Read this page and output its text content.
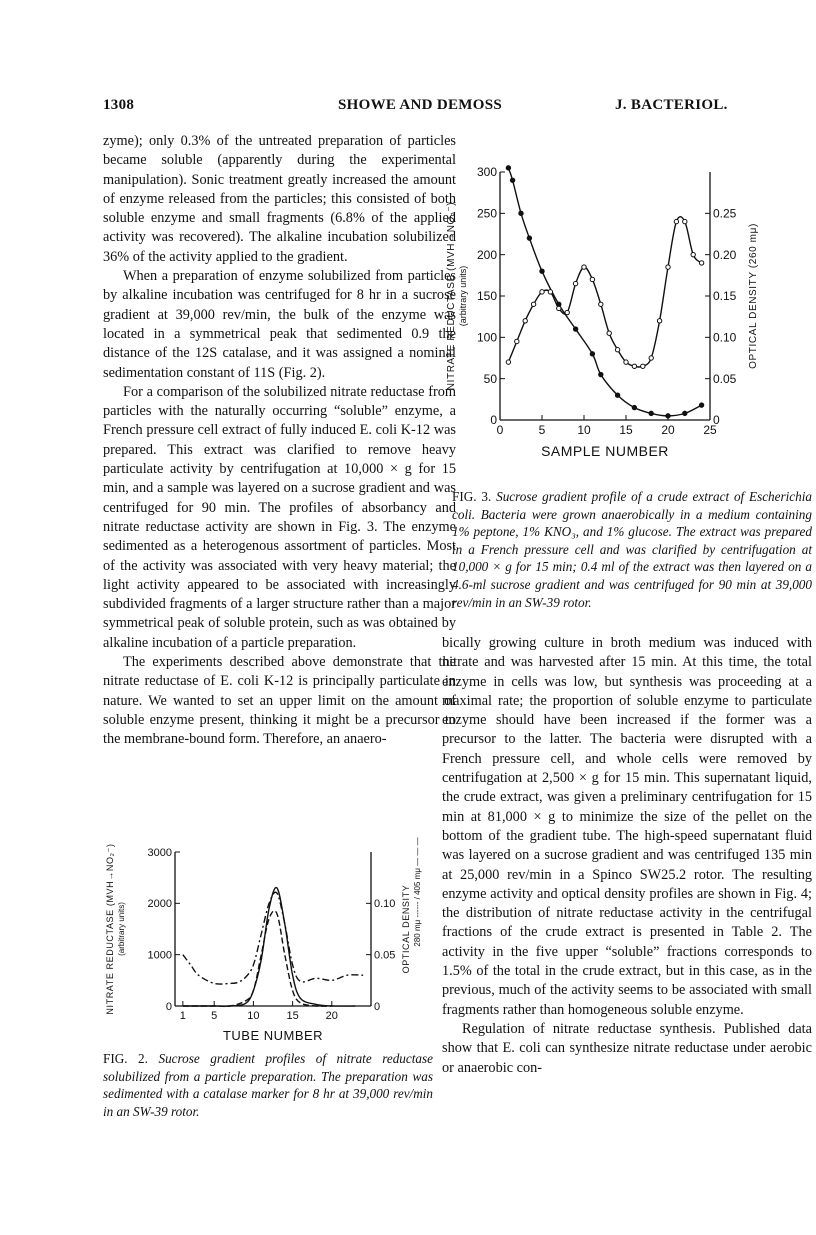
1308	SHOWE AND DEMOSS	J. BACTERIOL.

zyme); only 0.3% of the untreated preparation of particles became soluble (apparently during the experimental manipulation). Sonic treatment greatly increased the amount of enzyme released from the particles; this consisted of both soluble enzyme and small fragments (6.8% of the applied activity was recovered). The alkaline incubation solubilized 36% of the activity applied to the gradient.

When a preparation of enzyme solubilized from particles by alkaline incubation was centrifuged for 8 hr in a sucrose gradient at 39,000 rev/min, the bulk of the enzyme was located in a symmetrical peak that sedimented 0.9 the distance of the 12S catalase, and it was assigned a nominal sedimentation constant of 11S (Fig. 2).

For a comparison of the solubilized nitrate reductase from particles with the naturally occurring “soluble” enzyme, a French pressure cell extract of fully induced E. coli K-12 was prepared. This extract was clarified to remove heavy particulate activity by centrifugation at 10,000 × g for 15 min, and a sample was layered on a sucrose gradient and was centrifuged for 90 min. The profiles of absorbancy and nitrate reductase activity are shown in Fig. 3. The enzyme sedimented as a heterogenous assortment of particles. Most of the activity was associated with very heavy material; the light activity appeared to be associated with increasingly subdivided fragments of a larger structure rather than a major symmetrical peak of soluble protein, such as was obtained by alkaline incubation of a particle preparation.

The experiments described above demonstrate that the nitrate reductase of E. coli K-12 is principally particulate in nature. We wanted to set an upper limit on the amount of soluble enzyme present, thinking it might be a precursor to the membrane-bound form. Therefore, an anaero-

0	5	10 15 20 25
0
50
100
150
200
250
300
0
0.05
0.10
0.15
0.20
0.25
SAMPLE NUMBER
NITRATE REDUCTASE (MVH→NO₂⁻) (arbitrary units)	OPTICAL DENSITY (260 mμ)
FIG. 3. Sucrose gradient profile of a crude extract of Escherichia coli. Bacteria were grown anaerobically in a medium containing 1% peptone, 1% KNO₃, and 1% glucose. The extract was prepared in a French pressure cell and was clarified by centrifugation at 10,000 × g for 15 min; 0.4 ml of the extract was then layered on a 4.6-ml sucrose gradient and was centrifuged for 90 min at 39,000 rev/min in an SW-39 rotor.

bically growing culture in broth medium was induced with nitrate and was harvested after 15 min. At this time, the total enzyme in cells was low, but synthesis was proceeding at a maximal rate; the proportion of soluble enzyme to particulate enzyme should have been increased if the former was a precursor to the latter. The bacteria were disrupted with a French pressure cell, and whole cells were removed by centrifugation at 2,500 × g for 15 min. This supernatant liquid, the crude extract, was given a preliminary centrifugation for 15 min at 81,000 × g to minimize the size of the pellet on the bottom of the gradient tube. The high-speed supernatant fluid was layered on a sucrose gradient and was centrifuged 135 min at 25,000 rev/min in a Spinco SW25.2 rotor. The resulting enzyme activity and optical density profiles are shown in Fig. 4; the distribution of nitrate reductase activity in the centrifugal fractions of the crude extract is presented in Table 2. The activity in the five upper “soluble” fractions corresponds to 1.5% of the total in the crude extract, but in this case, as in the previous, much of the activity seems to be associated with small fragments rather than homogeneous soluble enzyme.

Regulation of nitrate reductase synthesis. Published data show that E. coli can synthesize nitrate reductase under aerobic or anaerobic con-

1 5	10 15 20
0
1000
2000
3000
0
0.05
0.10
TUBE NUMBER
NITRATE REDUCTASE (MVH→NO₂⁻) (arbitrary units)	OPTICAL DENSITY 280 mμ ------ / 405 mμ — — —
FIG. 2. Sucrose gradient profiles of nitrate reductase solubilized from a particle preparation. The preparation was sedimented with a catalase marker for 8 hr at 39,000 rev/min in an SW-39 rotor.
